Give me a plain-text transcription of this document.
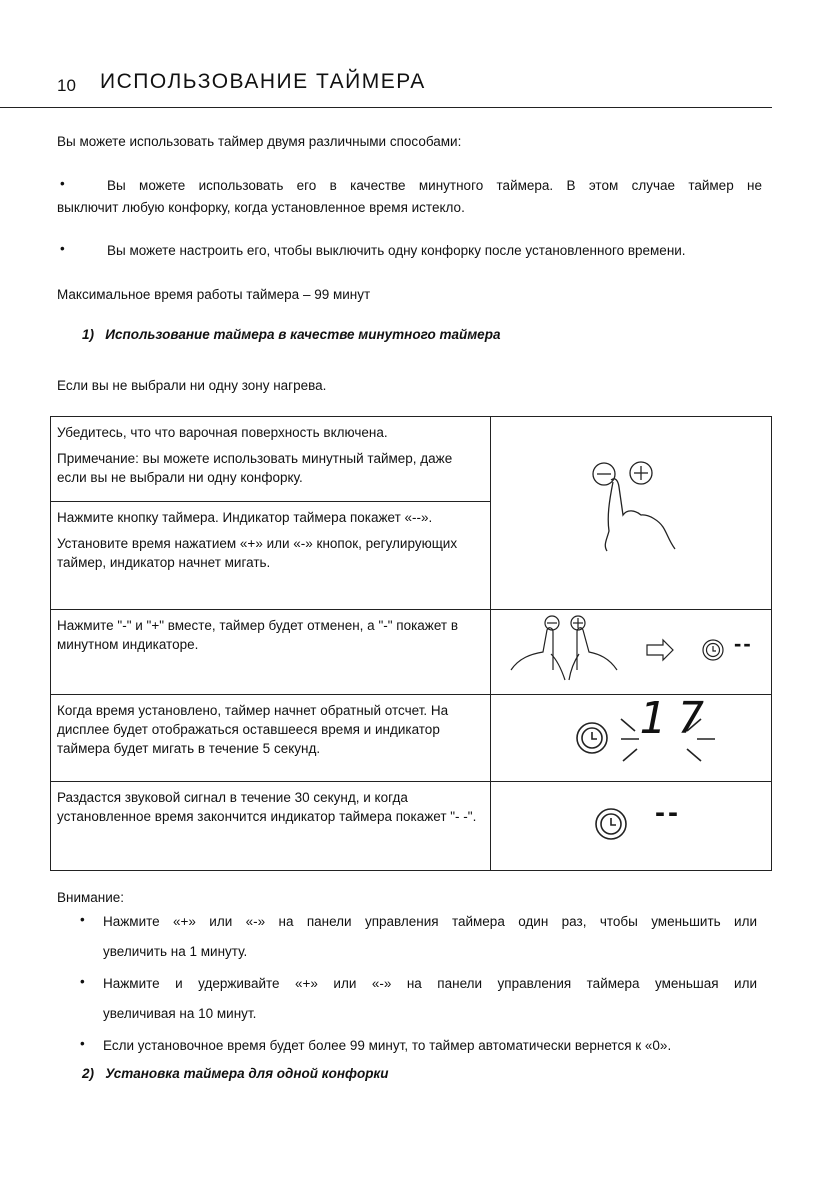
10 ИСПОЛЬЗОВАНИЕ ТАЙМЕРА
Вы можете использовать таймер двумя различными способами:
•	Вы можете использовать его в качестве минутного таймера. В этом случае таймер не
выключит любую конфорку, когда установленное время истекло.
•	Вы можете настроить его, чтобы выключить одну конфорку после установленного времени.
Максимальное время работы таймера – 99 минут
1)   Использование таймера в качестве минутного таймера
Если вы не выбрали ни одну зону нагрева.

Убедитесь, что что варочная поверхность включена.

Примечание: вы можете использовать минутный таймер, даже если вы не выбрали ни одну конфорку.

Нажмите кнопку таймера. Индикатор таймера покажет «--».

Установите время нажатием «+» или «-» кнопок, регулирующих таймер, индикатор начнет мигать.	

Нажмите "-" и "+" вместе, таймер будет отменен, а "-" покажет в минутном индикаторе.	--

Когда время установлено, таймер начнет обратный отсчет. На дисплее будет отображаться оставшееся время и индикатор таймера будет мигать в течение 5 секунд.	17

Раздастся звуковой сигнал в течение 30 секунд, и когда установленное время закончится индикатор таймера покажет "- -".	--
Внимание:
• Нажмите «+» или «-» на панели управления таймера один раз, чтобы уменьшить или
увеличить на 1 минуту.
• Нажмите и удерживайте «+» или «-» на панели управления таймера уменьшая или
увеличивая на 10 минут.
• Если установочное время будет более 99 минут, то таймер автоматически вернется к «0».
2)   Установка таймера для одной конфорки
